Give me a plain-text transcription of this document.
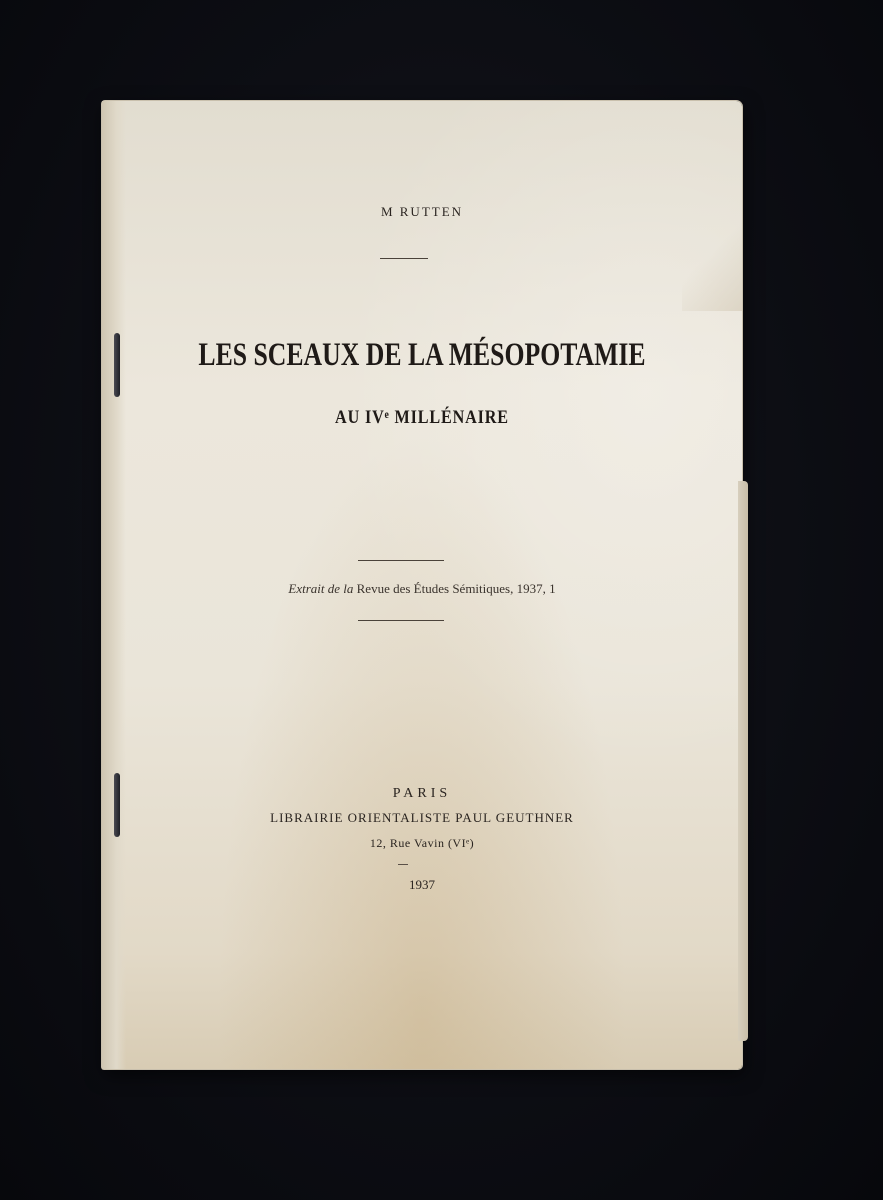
M RUTTEN
LES SCEAUX DE LA MÉSOPOTAMIE
AU IVᵉ MILLÉNAIRE
Extrait de la Revue des Études Sémitiques, 1937, 1
PARIS
LIBRAIRIE ORIENTALISTE PAUL GEUTHNER
12, Rue Vavin (VIᵉ)
1937
